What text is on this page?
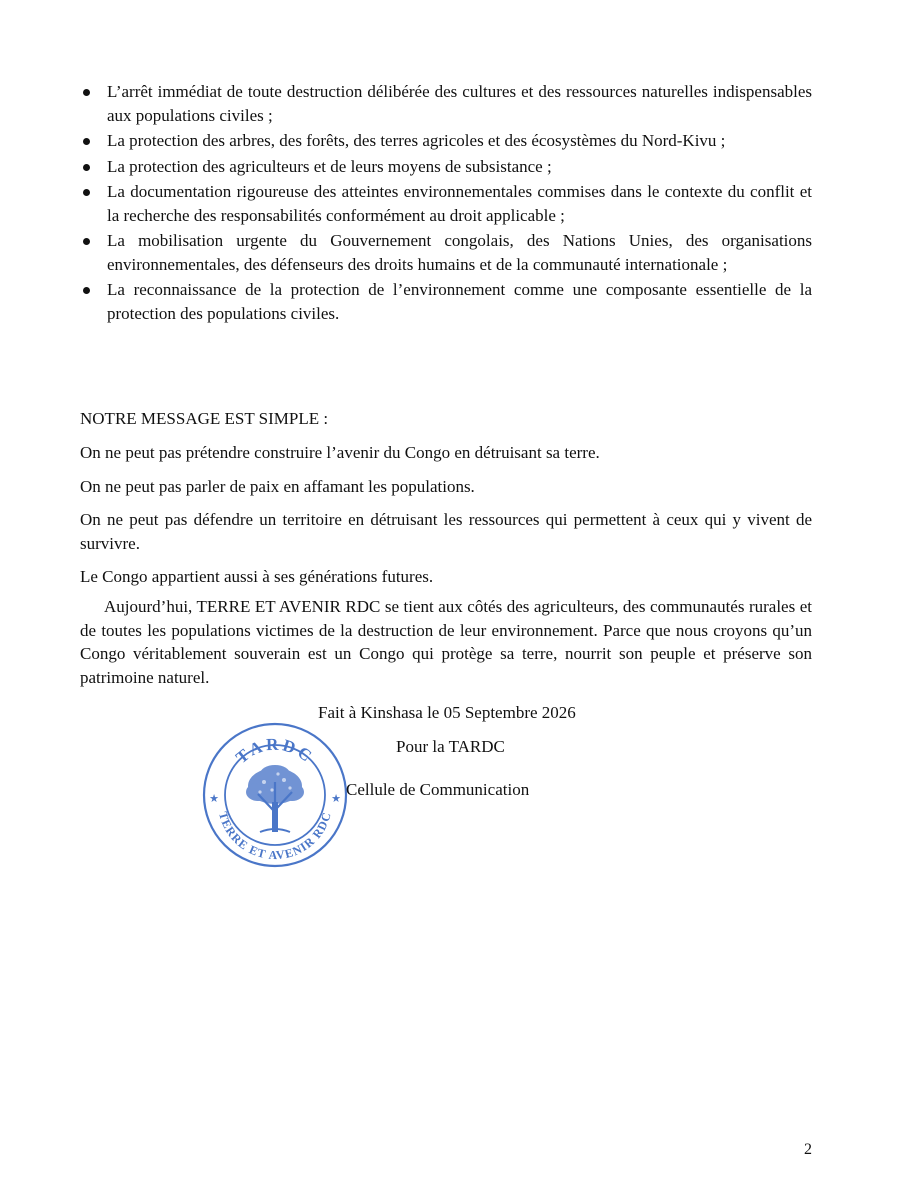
L’arrêt immédiat de toute destruction délibérée des cultures et des ressources naturelles indispensables aux populations civiles ;
La protection des arbres, des forêts, des terres agricoles et des écosystèmes du Nord-Kivu ;
La protection des agriculteurs et de leurs moyens de subsistance ;
La documentation rigoureuse des atteintes environnementales commises dans le contexte du conflit et la recherche des responsabilités conformément au droit applicable ;
La mobilisation urgente du Gouvernement congolais, des Nations Unies, des organisations environnementales, des défenseurs des droits humains et de la communauté internationale ;
La reconnaissance de la protection de l’environnement comme une composante essentielle de la protection des populations civiles.

NOTRE MESSAGE EST SIMPLE :

On ne peut pas prétendre construire l’avenir du Congo en détruisant sa terre.

On ne peut pas parler de paix en affamant les populations.

On ne peut pas défendre un territoire en détruisant les ressources qui permettent à ceux qui y vivent de survivre.

Le Congo appartient aussi à ses générations futures.

Aujourd’hui, TERRE ET AVENIR RDC se tient aux côtés des agriculteurs, des communautés rurales et de toutes les populations victimes de la destruction de leur environnement. Parce que nous croyons qu’un Congo véritablement souverain est un Congo qui protège sa terre, nourrit son peuple et préserve son patrimoine naturel.

Fait à Kinshasa le 05 Septembre 2026

Pour la TARDC

TARDC
TERRE ET AVENIR RDC
★	★ Cellule de Communication

2
